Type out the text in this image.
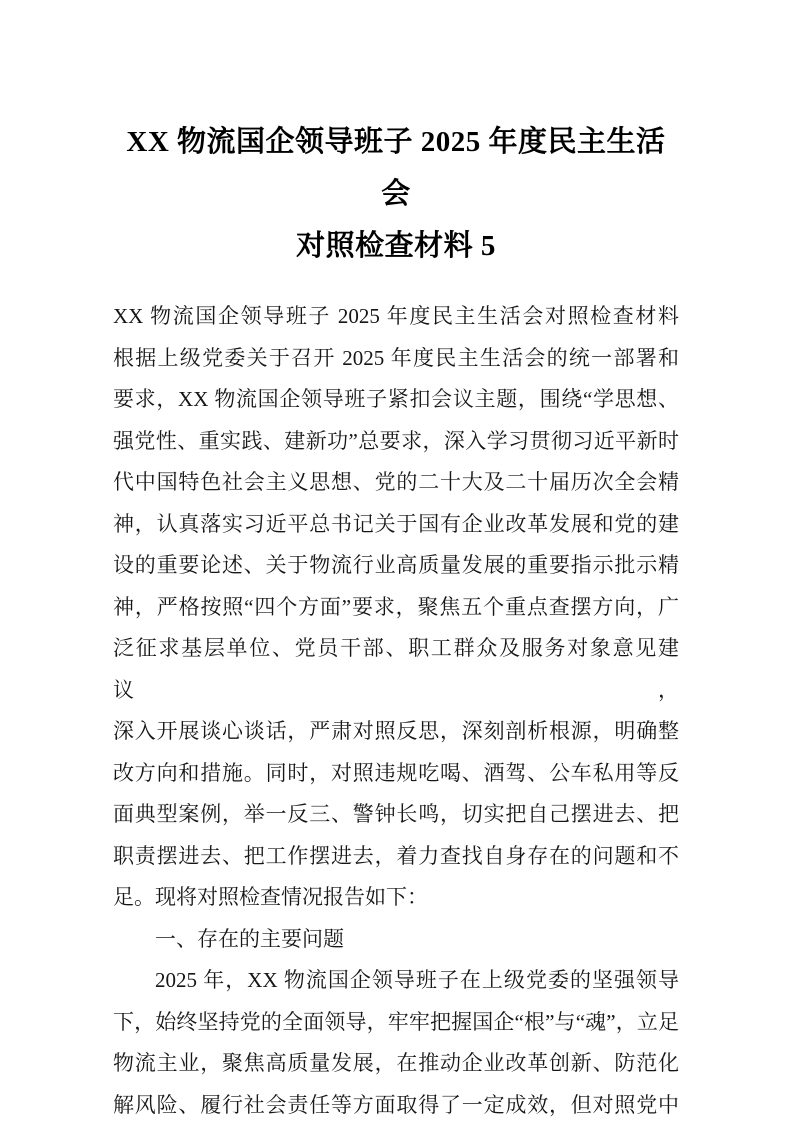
XX 物流国企领导班子 2025 年度民主生活会
对照检查材料 5
XX 物流国企领导班子 2025 年度民主生活会对照检查材料
根据上级党委关于召开 2025 年度民主生活会的统一部署和
要求，XX 物流国企领导班子紧扣会议主题，围绕“学思想、
强党性、重实践、建新功”总要求，深入学习贯彻习近平新时
代中国特色社会主义思想、党的二十大及二十届历次全会精
神，认真落实习近平总书记关于国有企业改革发展和党的建
设的重要论述、关于物流行业高质量发展的重要指示批示精
神，严格按照“四个方面”要求，聚焦五个重点查摆方向，广
泛征求基层单位、党员干部、职工群众及服务对象意见建议，
深入开展谈心谈话，严肃对照反思，深刻剖析根源，明确整
改方向和措施。同时，对照违规吃喝、酒驾、公车私用等反
面典型案例，举一反三、警钟长鸣，切实把自己摆进去、把
职责摆进去、把工作摆进去，着力查找自身存在的问题和不
足。现将对照检查情况报告如下：
一、存在的主要问题
2025 年，XX 物流国企领导班子在上级党委的坚强领导
下，始终坚持党的全面领导，牢牢把握国企“根”与“魂”，立足
物流主业，聚焦高质量发展，在推动企业改革创新、防范化
解风险、履行社会责任等方面取得了一定成效，但对照党中
